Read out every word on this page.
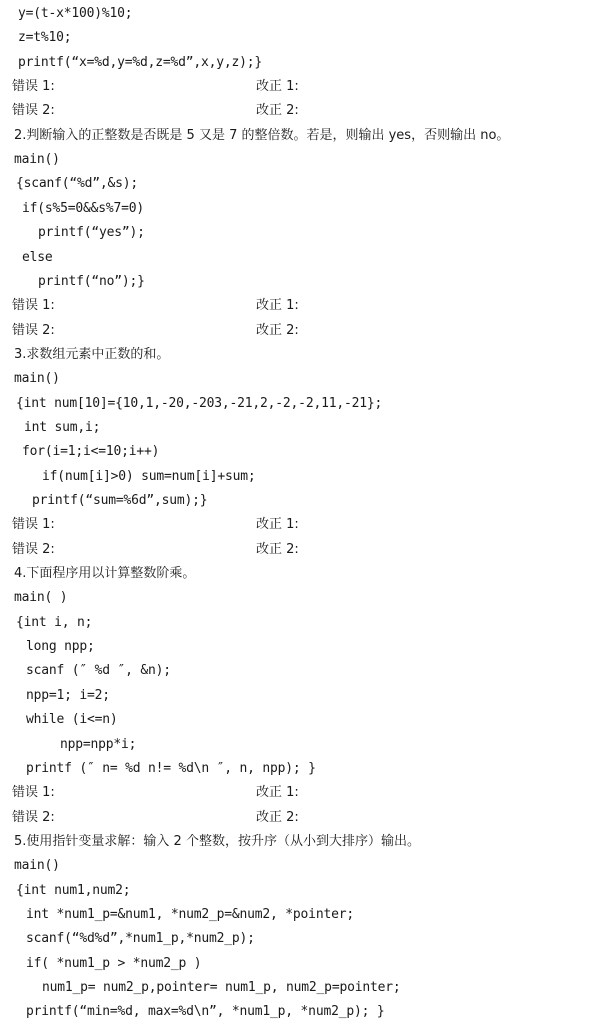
y=(t-x*100)%10;
z=t%10;
printf(“x=%d,y=%d,z=%d”,x,y,z);}
错误 1:	改正 1:
错误 2:	改正 2:
2.判断输入的正整数是否既是 5 又是 7 的整倍数。若是，则输出 yes，否则输出 no。
main()
{scanf(“%d”,&s);
if(s%5=0&&s%7=0)
printf(“yes”);
else
printf(“no”);}
错误 1:	改正 1:
错误 2:	改正 2:
3.求数组元素中正数的和。
main()
{int num[10]={10,1,-20,-203,-21,2,-2,-2,11,-21};
int sum,i;
for(i=1;i<=10;i++)
if(num[i]>0) sum=num[i]+sum;
printf(“sum=%6d”,sum);}
错误 1:	改正 1:
错误 2:	改正 2:
4.下面程序用以计算整数阶乘。
main( )
{int i, n;
long npp;
scanf (″ %d ″, &n);
npp=1; i=2;
while (i<=n)
npp=npp*i;
printf (″ n= %d n!= %d\n ″, n, npp); }
错误 1:	改正 1:
错误 2:	改正 2:
5.使用指针变量求解：输入 2 个整数，按升序（从小到大排序）输出。
main()
{int num1,num2;
int *num1_p=&num1, *num2_p=&num2, *pointer;
scanf(“%d%d”,*num1_p,*num2_p);
if( *num1_p > *num2_p )
num1_p= num2_p,pointer= num1_p, num2_p=pointer;
printf(“min=%d, max=%d\n”, *num1_p, *num2_p); }
